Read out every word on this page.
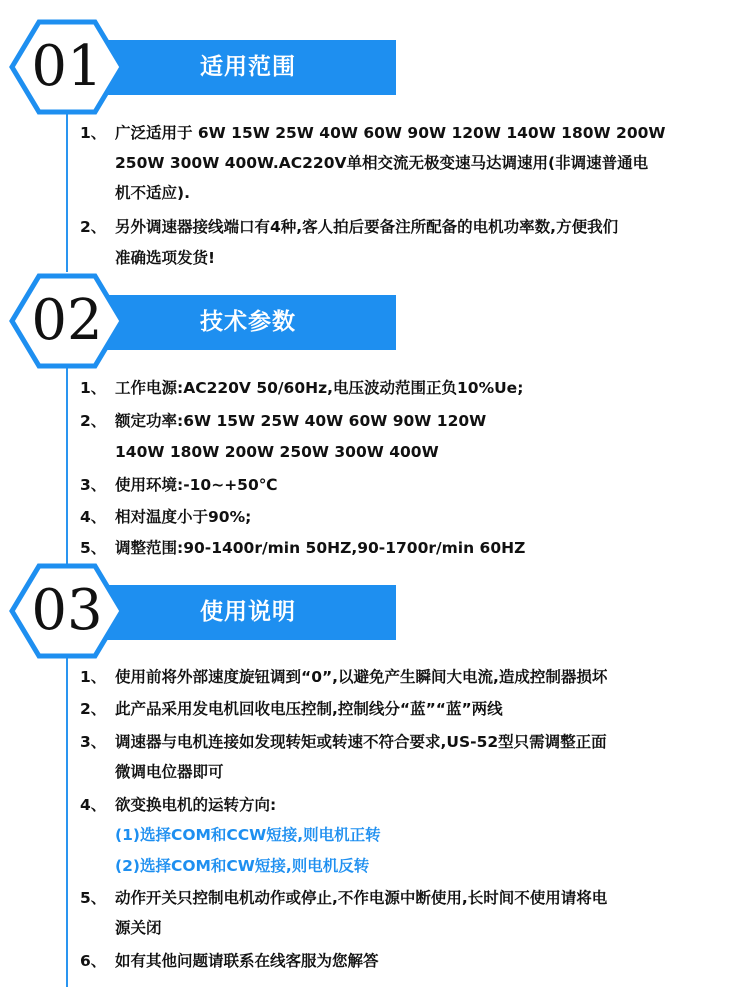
适用范围
01
1、 广泛适用于 6W 15W 25W 40W 60W 90W 120W 140W 180W 200W
250W 300W 400W.AC220V单相交流无极变速马达调速用(非调速普通电
机不适应).
2、 另外调速器接线端口有4种,客人拍后要备注所配备的电机功率数,方便我们
准确选项发货!
技术参数
02
1、 工作电源:AC220V 50/60Hz,电压波动范围正负10%Ue;
2、 额定功率:6W 15W 25W 40W 60W 90W 120W
140W 180W 200W 250W 300W 400W
3、 使用环境:-10~+50℃
4、 相对温度小于90%;
5、 调整范围:90-1400r/min 50HZ,90-1700r/min 60HZ
使用说明
03
1、 使用前将外部速度旋钮调到“0”,以避免产生瞬间大电流,造成控制器损坏
2、 此产品采用发电机回收电压控制,控制线分“蓝”“蓝”两线
3、 调速器与电机连接如发现转矩或转速不符合要求,US-52型只需调整正面
微调电位器即可
4、 欲变换电机的运转方向:
(1)选择COM和CCW短接,则电机正转
(2)选择COM和CW短接,则电机反转
5、 动作开关只控制电机动作或停止,不作电源中断使用,长时间不使用请将电
源关闭
6、 如有其他问题请联系在线客服为您解答
